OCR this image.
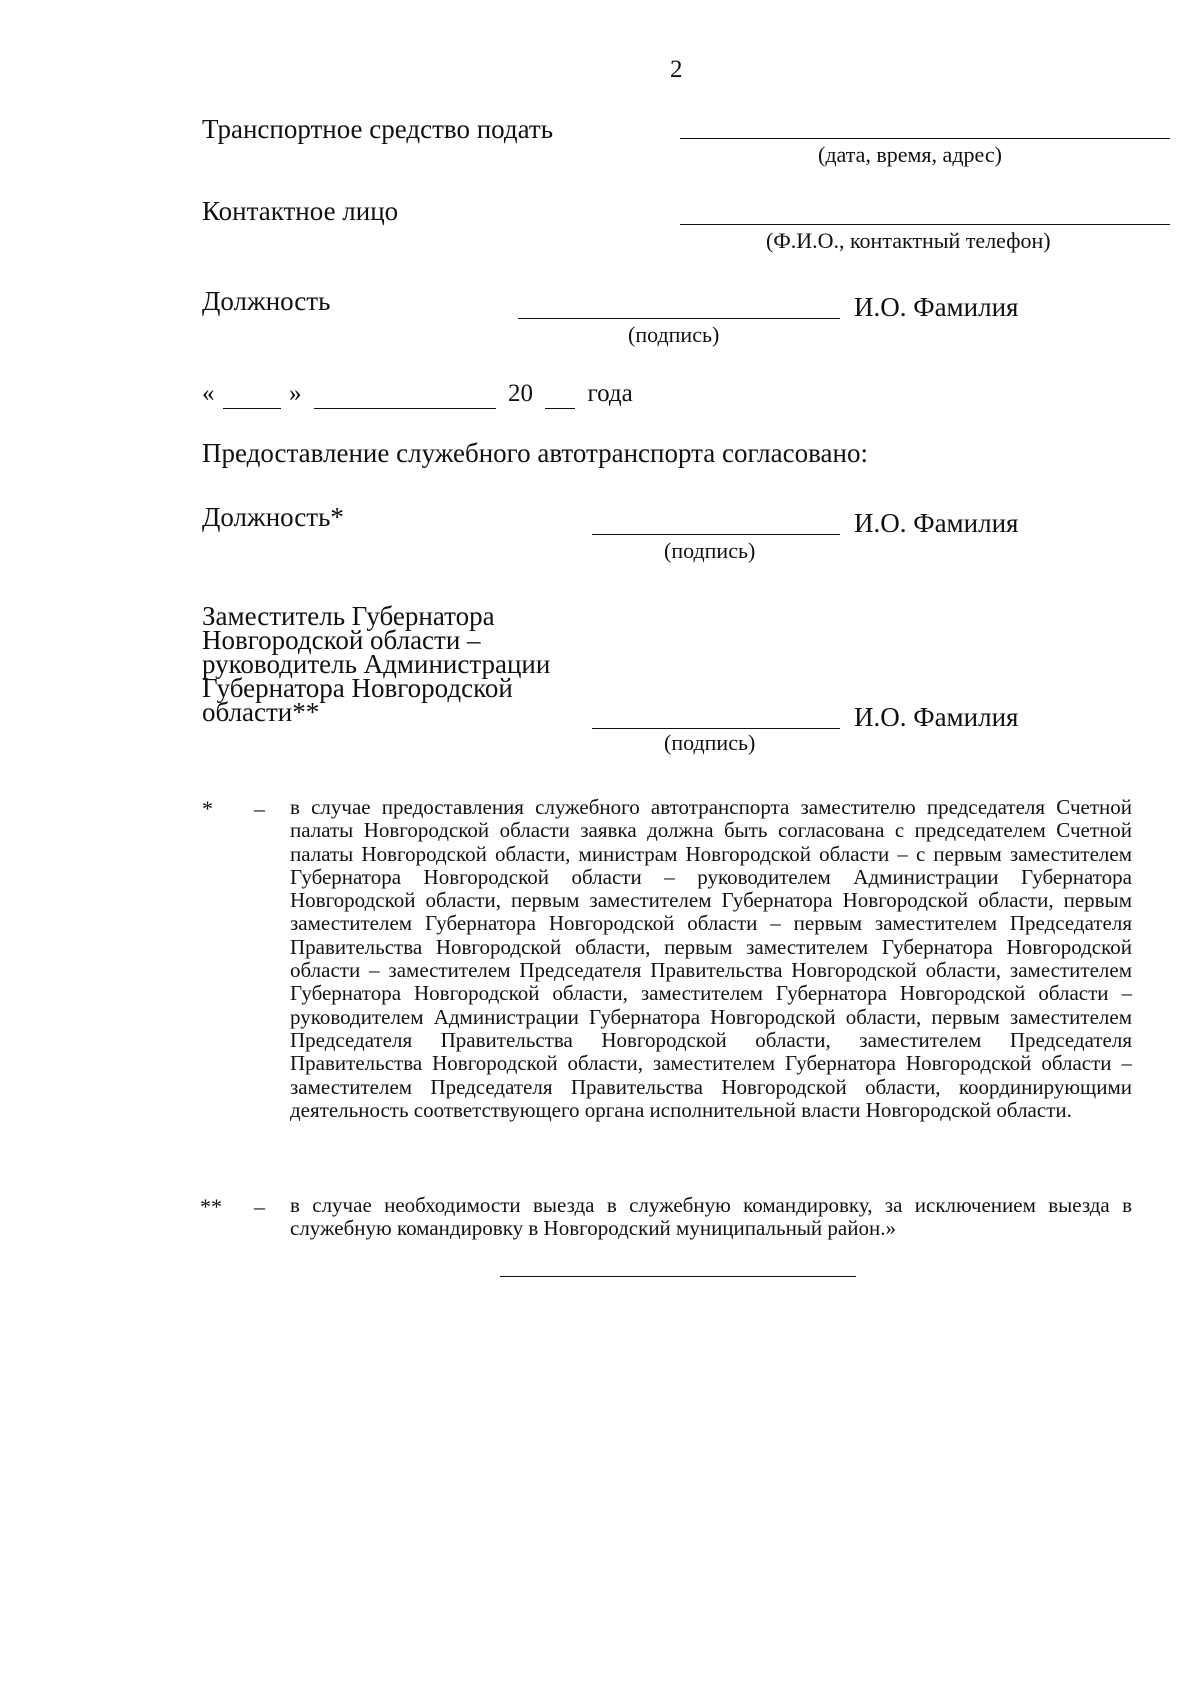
2
Транспортное средство подать
(дата, время, адрес)
Контактное лицо
(Ф.И.О., контактный телефон)
Должность	И.О. Фамилия
(подпись)
«	»	20 года
Предоставление служебного автотранспорта согласовано:
Должность*	И.О. Фамилия
(подпись)
Заместитель Губернатора
Новгородской области –
руководитель Администрации
Губернатора Новгородской
области**	И.О. Фамилия
(подпись)
* – в случае предоставления служебного автотранспорта заместителю председателя Счетной палаты Новгородской области заявка должна быть согласована с председателем Счетной палаты Новгородской области, министрам Новгородской области – с первым заместителем Губернатора Новгородской области – руководителем Администрации Губернатора Новгородской области, первым заместителем Губернатора Новгородской области, первым заместителем Губернатора Новгородской области – первым заместителем Председателя Правительства Новгородской области, первым заместителем Губернатора Новгородской области – заместителем Председателя Правительства Новгородской области, заместителем Губернатора Новгородской области, заместителем Губернатора Новгородской области – руководителем Администрации Губернатора Новгородской области, первым заместителем Председателя Правительства Новгородской области, заместителем Председателя Правительства Новгородской области, заместителем Губернатора Новгородской области – заместителем Председателя Правительства Новгородской области, координирующими деятельность соответствующего органа исполнительной власти Новгородской области.
** – в случае необходимости выезда в служебную командировку, за исключением выезда в служебную командировку в Новгородский муниципальный район.»
